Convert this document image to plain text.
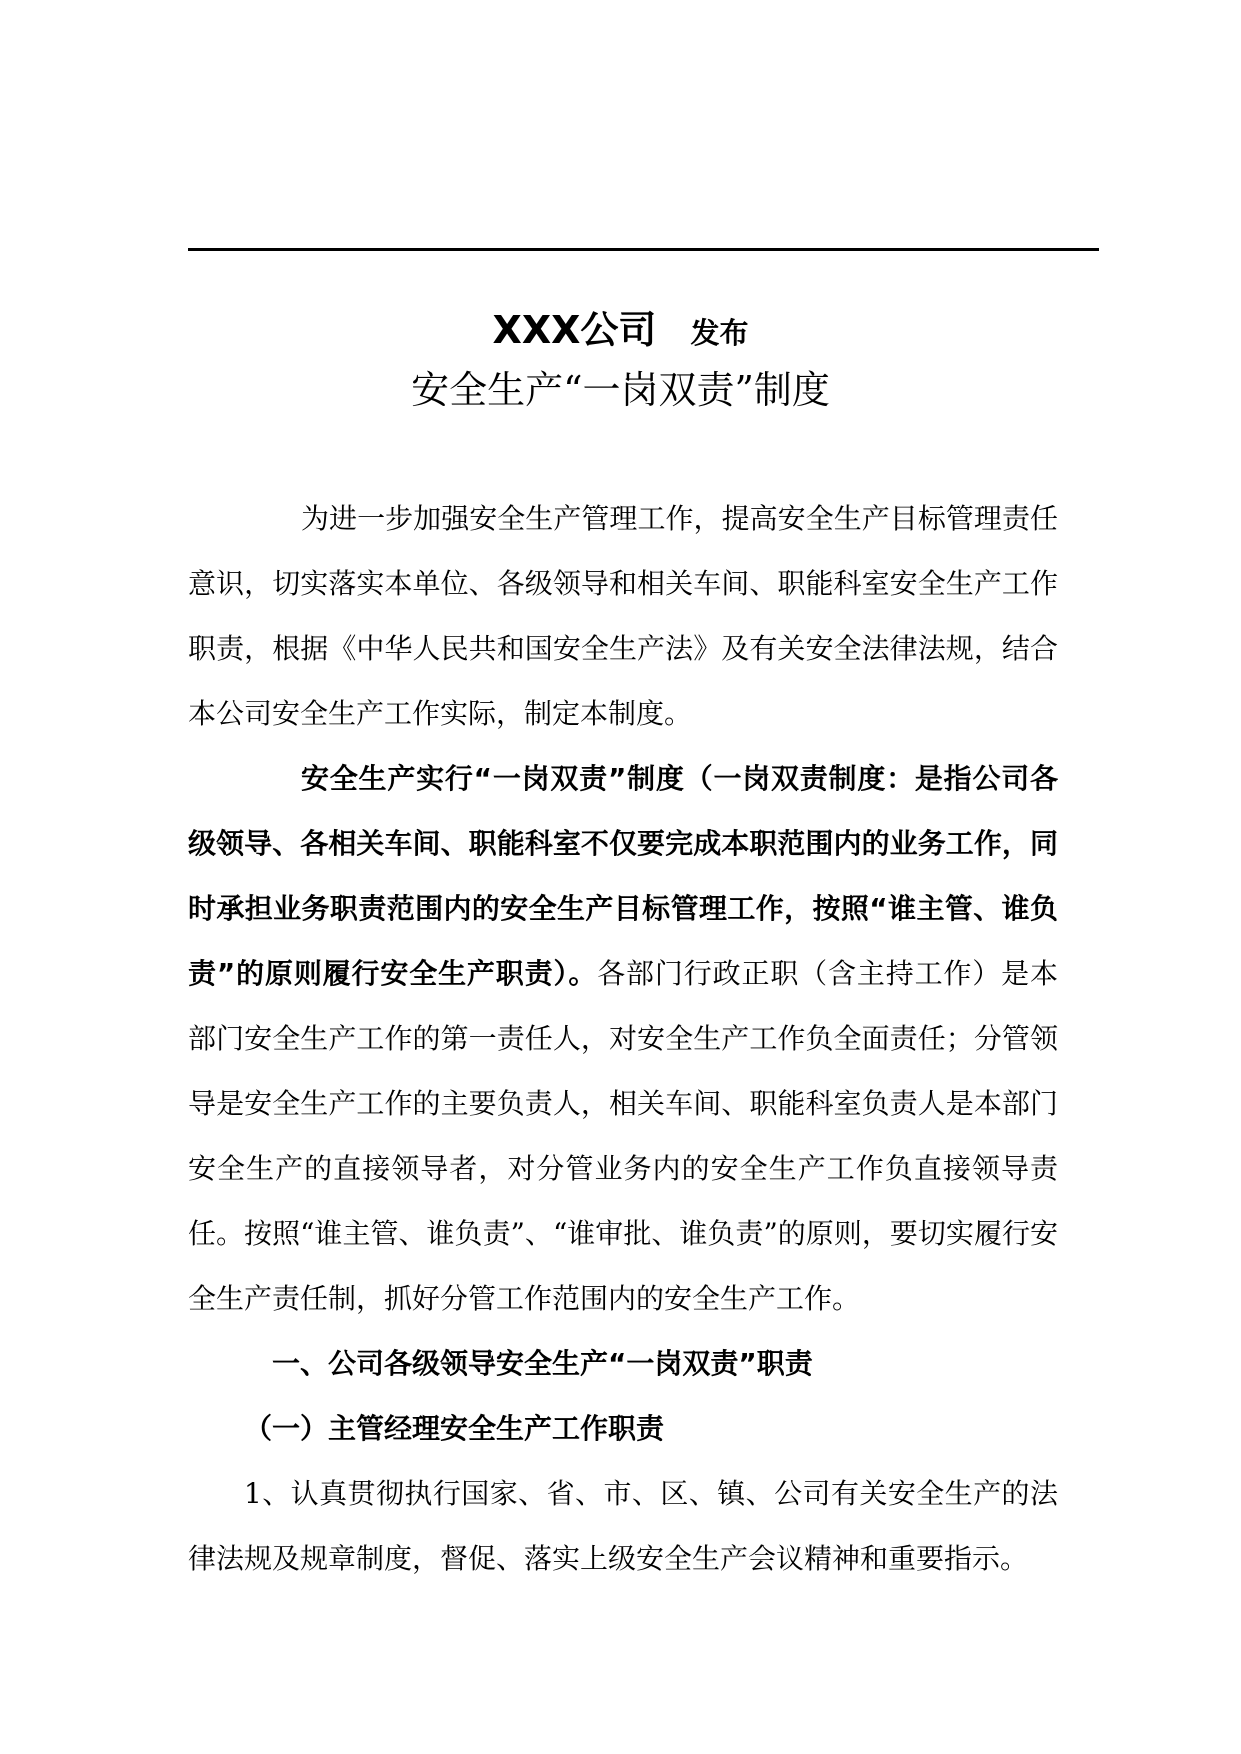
XXX公司 发布
安全生产“一岗双责”制度

为进一步加强安全生产管理工作，提高安全生产目标管理责任意识，切实落实本单位、各级领导和相关车间、职能科室安全生产工作职责，根据《中华人民共和国安全生产法》及有关安全法律法规，结合本公司安全生产工作实际，制定本制度。

安全生产实行“一岗双责”制度（一岗双责制度：是指公司各级领导、各相关车间、职能科室不仅要完成本职范围内的业务工作，同时承担业务职责范围内的安全生产目标管理工作，按照“谁主管、谁负责”的原则履行安全生产职责）。各部门行政正职（含主持工作）是本部门安全生产工作的第一责任人，对安全生产工作负全面责任；分管领导是安全生产工作的主要负责人，相关车间、职能科室负责人是本部门安全生产的直接领导者，对分管业务内的安全生产工作负直接领导责任。按照“谁主管、谁负责”、“谁审批、谁负责”的原则，要切实履行安全生产责任制，抓好分管工作范围内的安全生产工作。

一、公司各级领导安全生产“一岗双责”职责

（一）主管经理安全生产工作职责

1、认真贯彻执行国家、省、市、区、镇、公司有关安全生产的法律法规及规章制度，督促、落实上级安全生产会议精神和重要指示。
